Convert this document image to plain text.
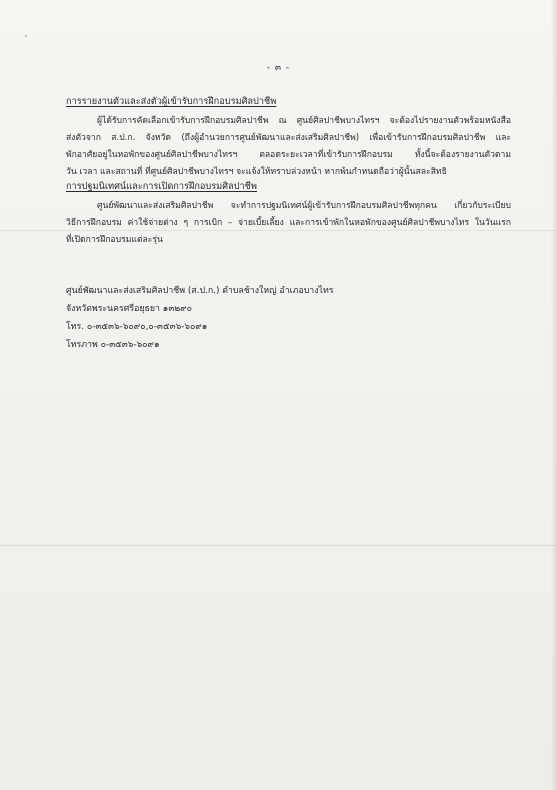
ˇ
- ๓ -
การรายงานตัวและส่งตัวผู้เข้ารับการฝึกอบรมศิลปาชีพ
ผู้ได้รับการคัดเลือกเข้ารับการฝึกอบรมศิลปาชีพ ณ ศูนย์ศิลปาชีพบางไทรฯ จะต้องไปรายงานตัวพร้อมหนังสือ
ส่งตัวจาก ส.ป.ก. จังหวัด (ถึงผู้อำนวยการศูนย์พัฒนาและส่งเสริมศิลปาชีพ) เพื่อเข้ารับการฝึกอบรมศิลปาชีพ และ
พักอาศัยอยู่ในหอพักของศูนย์ศิลปาชีพบางไทรฯ ตลอดระยะเวลาที่เข้ารับการฝึกอบรม ทั้งนี้จะต้องรายงานตัวตาม
วัน เวลา และสถานที่ ที่ศูนย์ศิลปาชีพบางไทรฯ จะแจ้งให้ทราบล่วงหน้า หากพ้นกำหนดถือว่าผู้นั้นสละสิทธิ
การปฐมนิเทศน์และการเปิดการฝึกอบรมศิลปาชีพ
ศูนย์พัฒนาและส่งเสริมศิลปาชีพ จะทำการปฐมนิเทศน์ผู้เข้ารับการฝึกอบรมศิลปาชีพทุกคน เกี่ยวกับระเบียบ
วิธีการฝึกอบรม ค่าใช้จ่ายต่าง ๆ การเบิก – จ่ายเบี้ยเลี้ยง และการเข้าพักในหอพักของศูนย์ศิลปาชีพบางไทร ในวันแรก
ที่เปิดการฝึกอบรมแต่ละรุ่น
ศูนย์พัฒนาและส่งเสริมศิลปาชีพ (ส.ป.ก.) ตำบลช้างใหญ่ อำเภอบางไทร
จังหวัดพระนครศรีอยุธยา ๑๓๒๙๐
โทร. ๐-๓๕๓๖-๖๐๙๐,๐-๓๕๓๖-๖๐๙๑
โทรภาพ ๐-๓๕๓๖-๖๐๙๑
